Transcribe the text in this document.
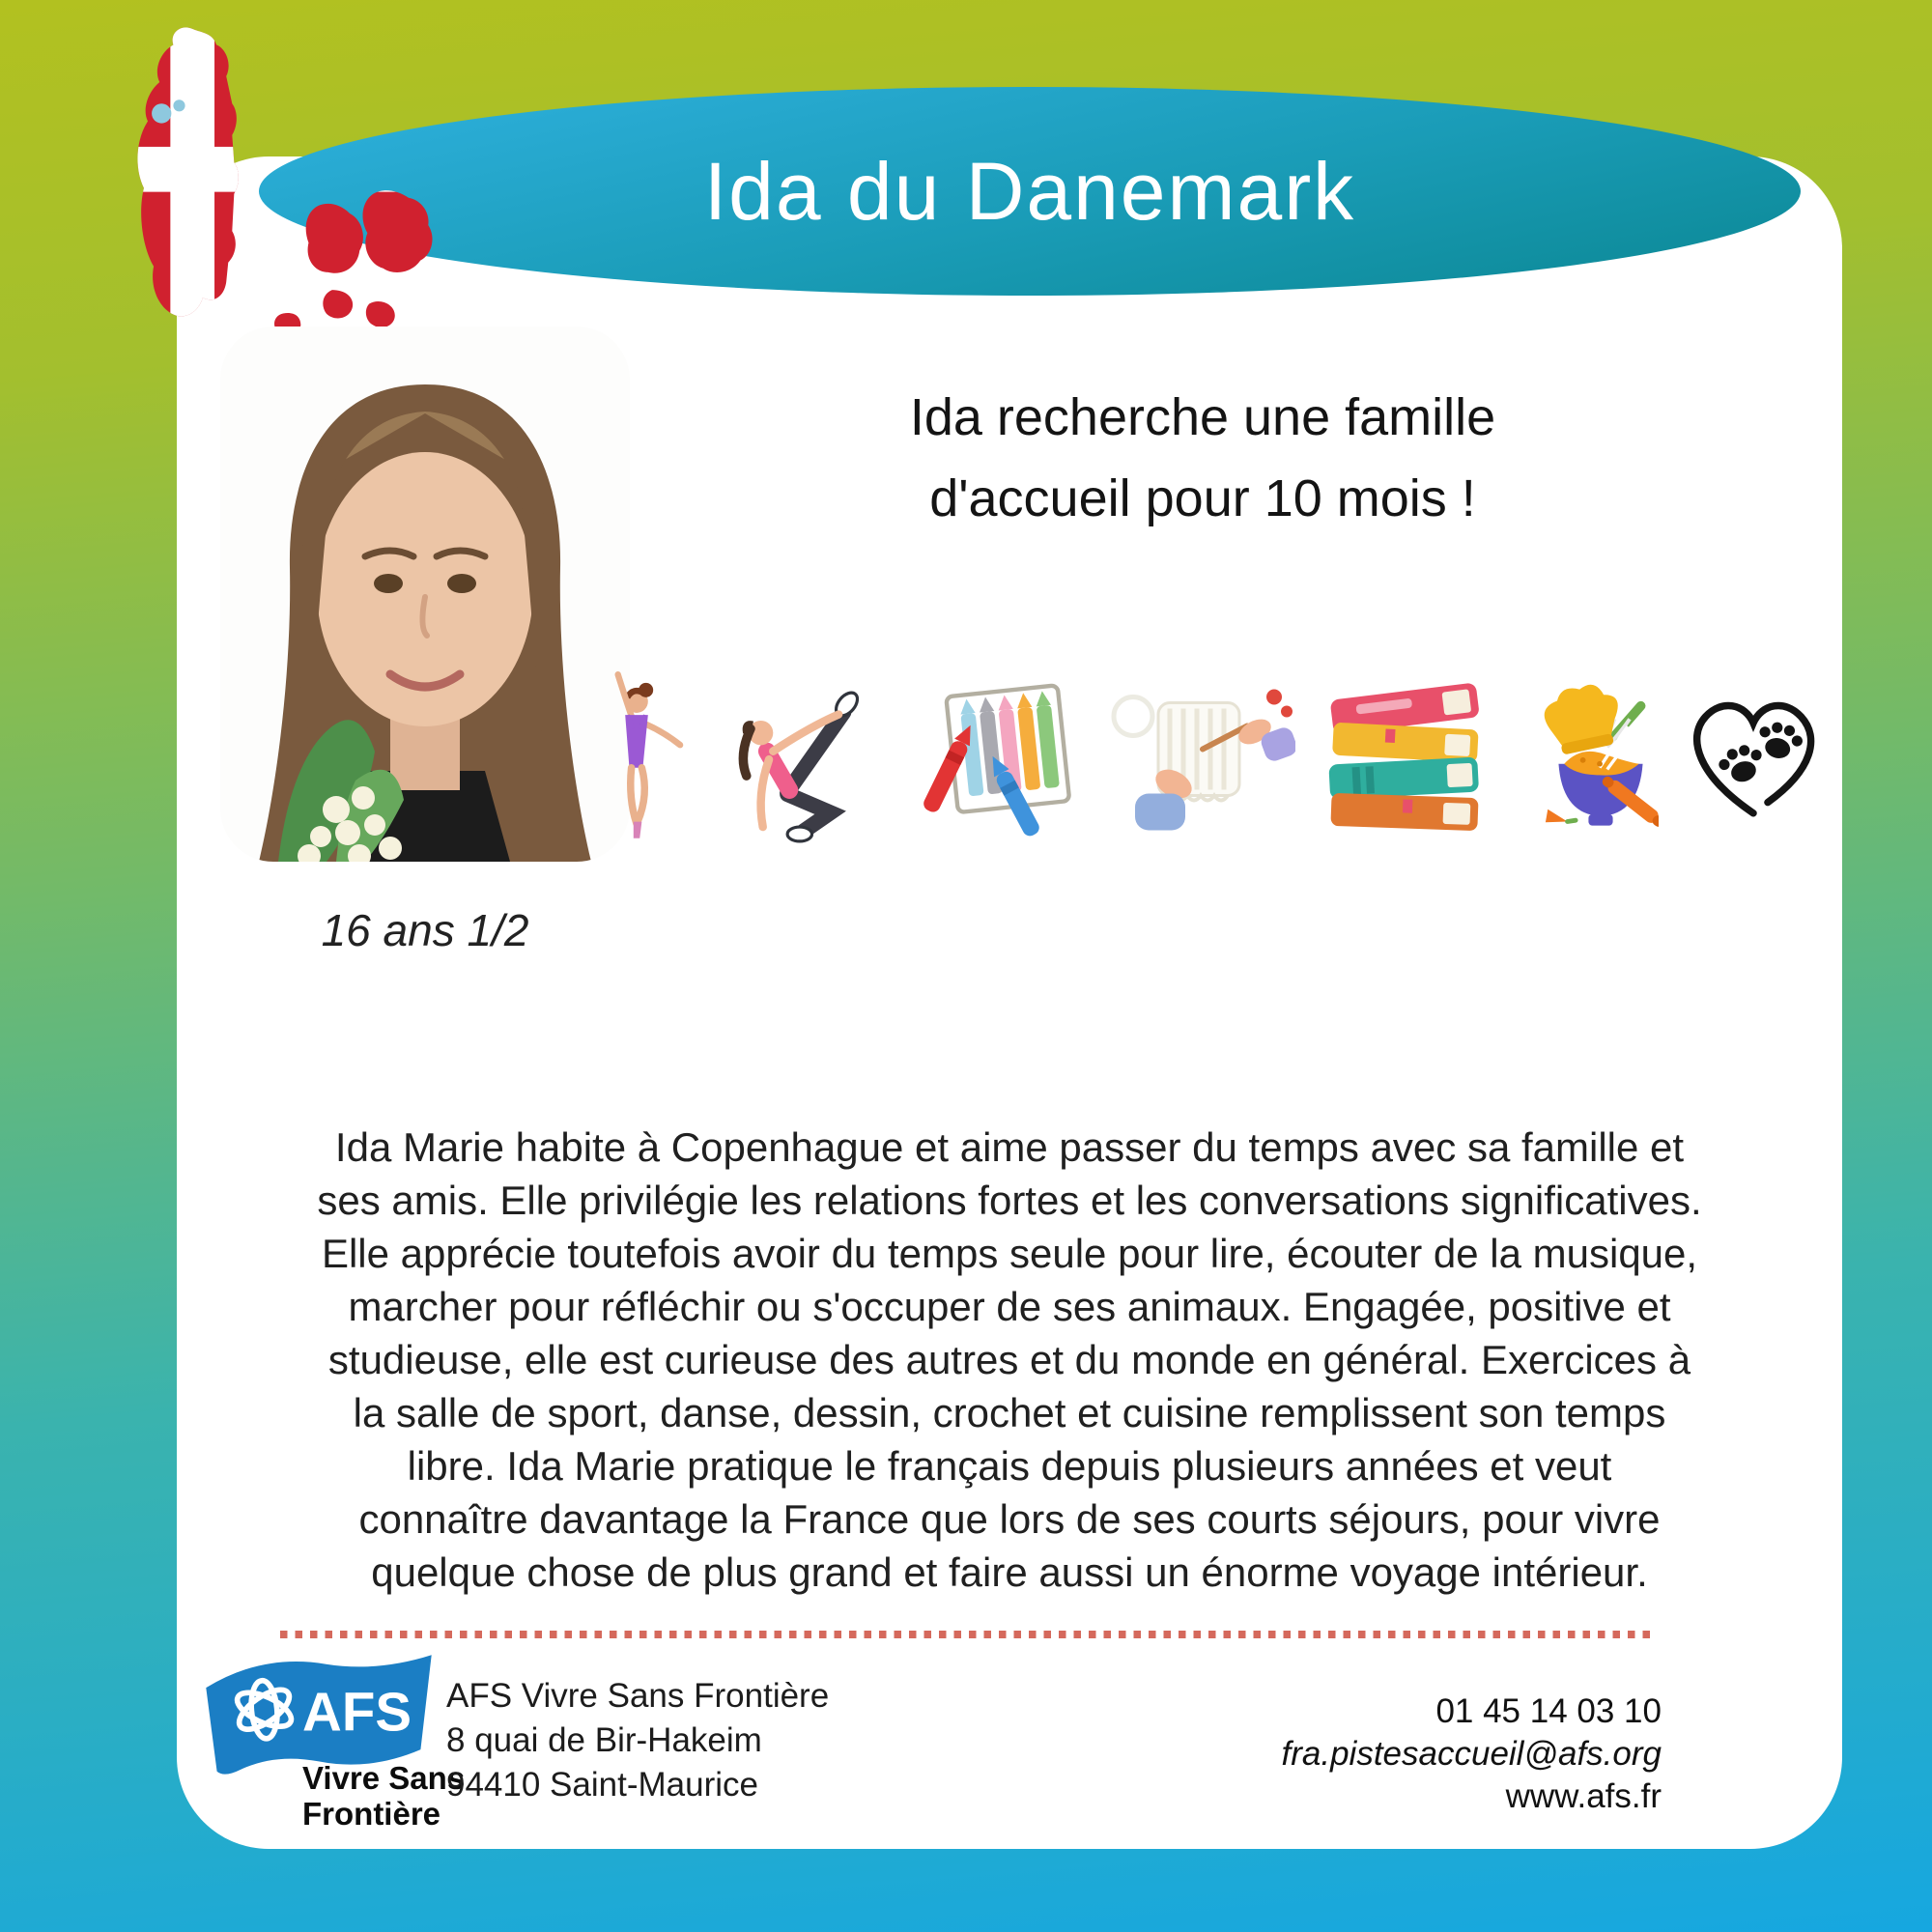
Ida du Danemark
Ida recherche une famille
d'accueil pour 10 mois !
16 ans 1/2
Ida Marie habite à Copenhague et aime passer du temps avec sa famille et
ses amis. Elle privilégie les relations fortes et les conversations significatives.
Elle apprécie toutefois avoir du temps seule pour lire, écouter de la musique,
marcher pour réfléchir ou s'occuper de ses animaux. Engagée, positive et
studieuse, elle est curieuse des autres et du monde en général. Exercices à
la salle de sport, danse, dessin, crochet et cuisine remplissent son temps
libre. Ida Marie pratique le français depuis plusieurs années et veut
connaître davantage la France que lors de ses courts séjours, pour vivre
quelque chose de plus grand et faire aussi un énorme voyage intérieur.
AFS
Vivre Sans
Frontière
AFS Vivre Sans Frontière
8 quai de Bir-Hakeim
94410 Saint-Maurice
01 45 14 03 10
fra.pistesaccueil@afs.org
www.afs.fr
